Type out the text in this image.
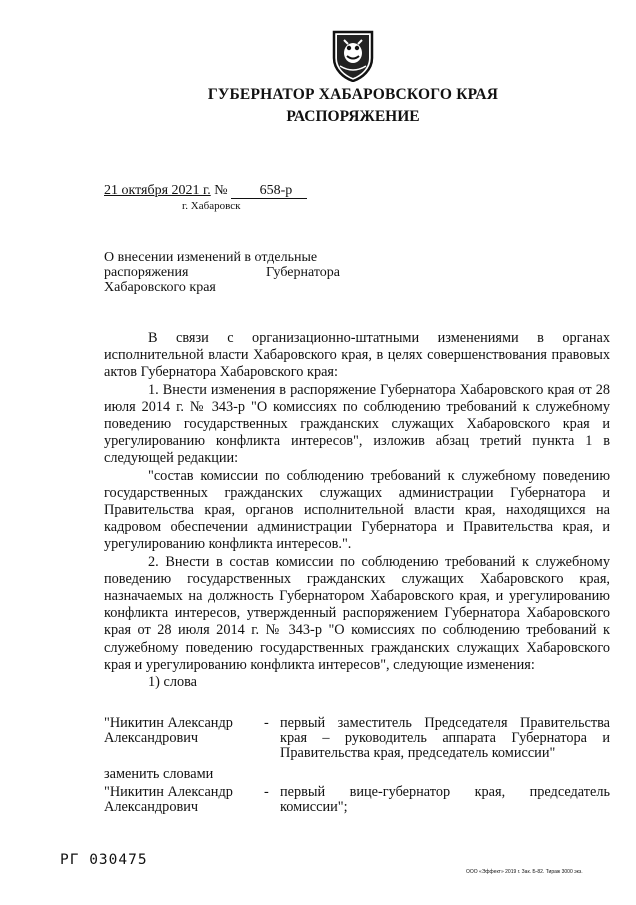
ГУБЕРНАТОР ХАБАРОВСКОГО КРАЯ
РАСПОРЯЖЕНИЕ
21 октября 2021 г. № 658-р
г. Хабаровск
О внесении изменений в отдельные
распоряжения	Губернатора
Хабаровского края

В связи с организационно-штатными изменениями в органах исполнительной власти Хабаровского края, в целях совершенствования правовых актов Губернатора Хабаровского края:

1. Внести изменения в распоряжение Губернатора Хабаровского края от 28 июля 2014 г. № 343-р "О комиссиях по соблюдению требований к служебному поведению государственных гражданских служащих Хабаровского края и урегулированию конфликта интересов", изложив абзац третий пункта 1 в следующей редакции:

"состав комиссии по соблюдению требований к служебному поведению государственных гражданских служащих администрации Губернатора и Правительства края, органов исполнительной власти края, находящихся на кадровом обеспечении администрации Губернатора и Правительства края, и урегулированию конфликта интересов.".

2. Внести в состав комиссии по соблюдению требований к служебному поведению государственных гражданских служащих Хабаровского края, назначаемых на должность Губернатором Хабаровского края, и урегулированию конфликта интересов, утвержденный распоряжением Губернатора Хабаровского края от 28 июля 2014 г. № 343-р "О комиссиях по соблюдению требований к служебному поведению государственных гражданских служащих Хабаровского края и урегулированию конфликта интересов", следующие изменения:

1) слова

"Никитин Александр Александрович
- первый заместитель Председателя Правительства края – руководитель аппарата Губернатора и Правительства края, председатель комиссии"
заменить словами
"Никитин Александр Александрович
- первый вице-губернатор края, председатель комиссии";
РГ 030475
ООО «Эффект» 2019 г. Зак. Б-82. Тираж 3000 экз.
